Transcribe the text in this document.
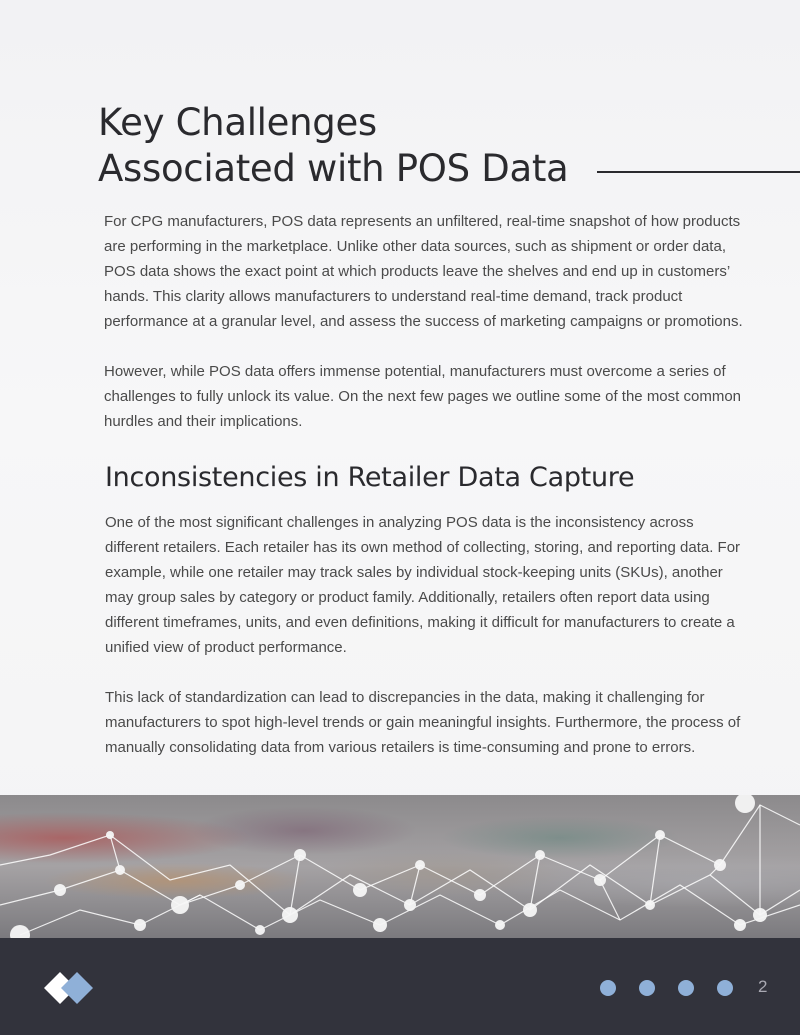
Key Challenges
Associated with POS Data

For CPG manufacturers, POS data represents an unfiltered, real-time snapshot of how products are performing in the marketplace. Unlike other data sources, such as shipment or order data, POS data shows the exact point at which products leave the shelves and end up in customers’ hands. This clarity allows manufacturers to understand real-time demand, track product performance at a granular level, and assess the success of marketing campaigns or promotions.

However, while POS data offers immense potential, manufacturers must overcome a series of challenges to fully unlock its value. On the next few pages we outline some of the most common hurdles and their implications.

Inconsistencies in Retailer Data Capture

One of the most significant challenges in analyzing POS data is the inconsistency across different retailers. Each retailer has its own method of collecting, storing, and reporting data. For example, while one retailer may track sales by individual stock-keeping units (SKUs), another may group sales by category or product family. Additionally, retailers often report data using different timeframes, units, and even definitions, making it difficult for manufacturers to create a unified view of product performance.

This lack of standardization can lead to discrepancies in the data, making it challenging for manufacturers to spot high-level trends or gain meaningful insights. Furthermore, the process of manually consolidating data from various retailers is time-consuming and prone to errors.

2
